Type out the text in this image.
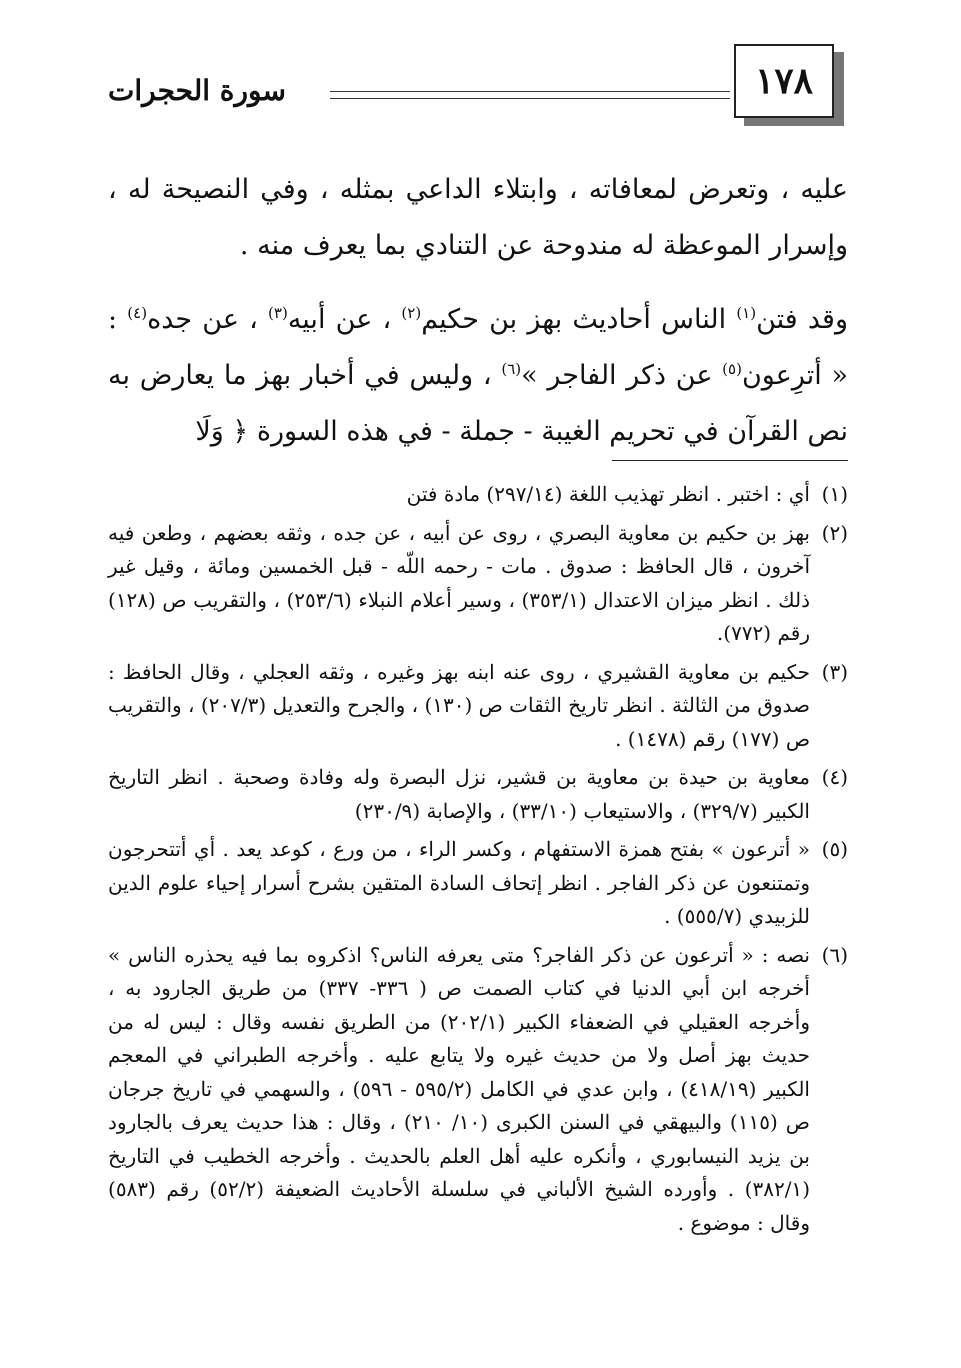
سورة الحجرات	١٧٨

عليه ، وتعرض لمعافاته ، وابتلاء الداعي بمثله ، وفي النصيحة له ، وإسرار الموعظة له مندوحة عن التنادي بما يعرف منه .

وقد فتن$^{(١)}$ الناس أحاديث بهز بن حكيم$^{(٢)}$ ، عن أبيه$^{(٣)}$ ، عن جده$^{(٤)}$ : « أترِعون$^{(٥)}$ عن ذكر الفاجر »$^{(٦)}$ ، وليس في أخبار بهز ما يعارض به نص القرآن في تحريم الغيبة - جملة - في هذه السورة ﴿ وَلَا

(١)
أي : اختبر . انظر تهذيب اللغة (٢٩٧/١٤) مادة فتن
(٢)
بهز بن حكيم بن معاوية البصري ، روى عن أبيه ، عن جده ، وثقه بعضهم ، وطعن فيه آخرون ، قال الحافظ : صدوق . مات - رحمه اللّه - قبل الخمسين ومائة ، وقيل غير ذلك . انظر ميزان الاعتدال (٣٥٣/١) ، وسير أعلام النبلاء (٢٥٣/٦) ، والتقريب ص (١٢٨) رقم (٧٧٢).
(٣)
حكيم بن معاوية القشيري ، روى عنه ابنه بهز وغيره ، وثقه العجلي ، وقال الحافظ : صدوق من الثالثة . انظر تاريخ الثقات ص (١٣٠) ، والجرح والتعديل (٢٠٧/٣) ، والتقريب ص (١٧٧) رقم (١٤٧٨) .
(٤)
معاوية بن حيدة بن معاوية بن قشير، نزل البصرة وله وفادة وصحبة . انظر التاريخ الكبير (٣٢٩/٧) ، والاستيعاب (٣٣/١٠) ، والإصابة (٢٣٠/٩)
(٥)
« أترعون » بفتح همزة الاستفهام ، وكسر الراء ، من ورع ، كوعد يعد . أي أتتحرجون وتمتنعون عن ذكر الفاجر . انظر إتحاف السادة المتقين بشرح أسرار إحياء علوم الدين للزبيدي (٥٥٥/٧) .
(٦)
نصه : « أترعون عن ذكر الفاجر؟ متى يعرفه الناس؟ اذكروه بما فيه يحذره الناس » أخرجه ابن أبي الدنيا في كتاب الصمت ص ( ٣٣٦- ٣٣٧) من طريق الجارود به ، وأخرجه العقيلي في الضعفاء الكبير (٢٠٢/١) من الطريق نفسه وقال : ليس له من حديث بهز أصل ولا من حديث غيره ولا يتابع عليه . وأخرجه الطبراني في المعجم الكبير (٤١٨/١٩) ، وابن عدي في الكامل (٥٩٥/٢ - ٥٩٦) ، والسهمي في تاريخ جرجان ص (١١٥) والبيهقي في السنن الكبرى (١٠/ ٢١٠) ، وقال : هذا حديث يعرف بالجارود بن يزيد النيسابوري ، وأنكره عليه أهل العلم بالحديث . وأخرجه الخطيب في التاريخ (٣٨٢/١) . وأورده الشيخ الألباني في سلسلة الأحاديث الضعيفة (٥٢/٢) رقم (٥٨٣) وقال : موضوع .
